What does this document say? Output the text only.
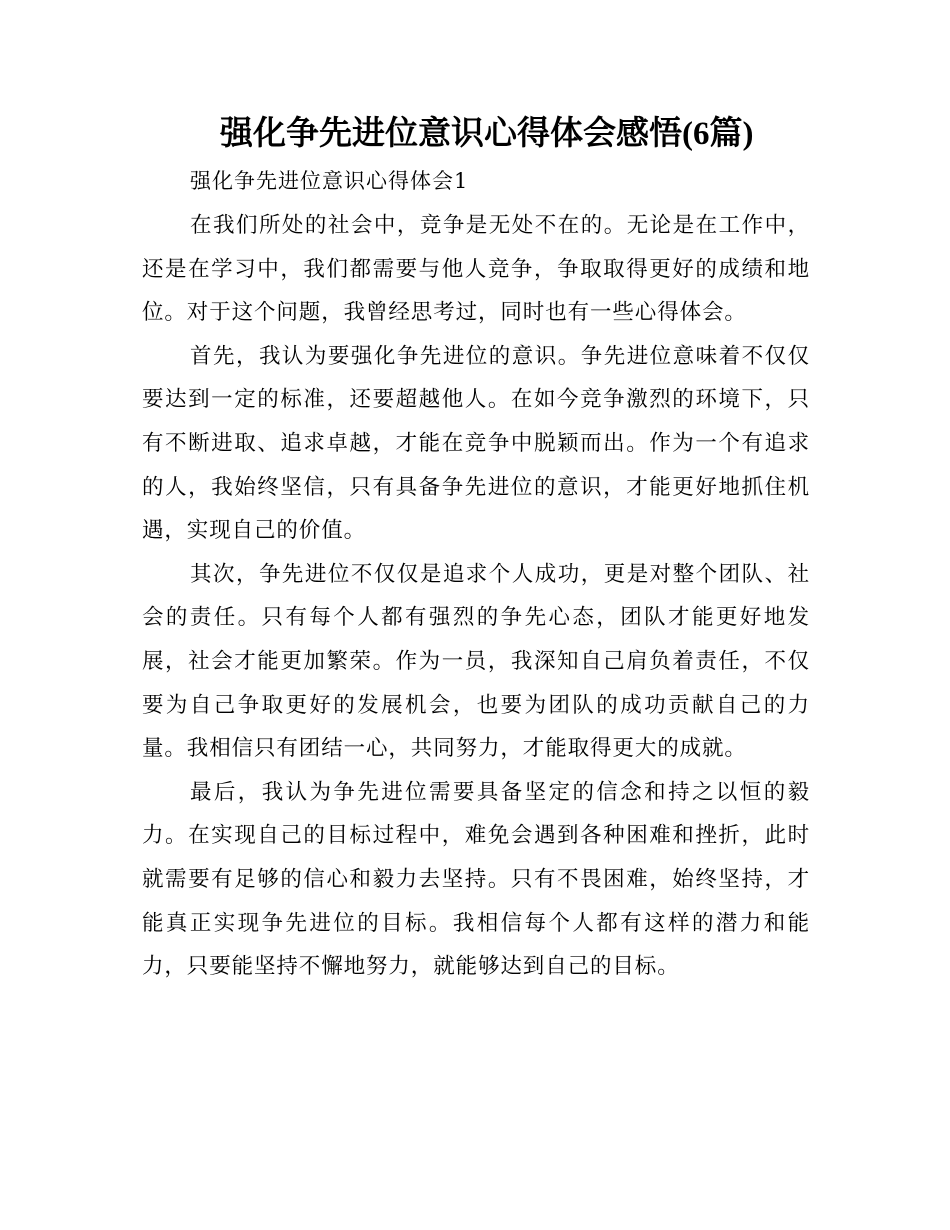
强化争先进位意识心得体会感悟(6篇)
强化争先进位意识心得体会1

在我们所处的社会中，竞争是无处不在的。无论是在工作中，还是在学习中，我们都需要与他人竞争，争取取得更好的成绩和地位。对于这个问题，我曾经思考过，同时也有一些心得体会。

首先，我认为要强化争先进位的意识。争先进位意味着不仅仅要达到一定的标准，还要超越他人。在如今竞争激烈的环境下，只有不断进取、追求卓越，才能在竞争中脱颖而出。作为一个有追求的人，我始终坚信，只有具备争先进位的意识，才能更好地抓住机遇，实现自己的价值。

其次，争先进位不仅仅是追求个人成功，更是对整个团队、社会的责任。只有每个人都有强烈的争先心态，团队才能更好地发展，社会才能更加繁荣。作为一员，我深知自己肩负着责任，不仅要为自己争取更好的发展机会，也要为团队的成功贡献自己的力量。我相信只有团结一心，共同努力，才能取得更大的成就。

最后，我认为争先进位需要具备坚定的信念和持之以恒的毅力。在实现自己的目标过程中，难免会遇到各种困难和挫折，此时就需要有足够的信心和毅力去坚持。只有不畏困难，始终坚持，才能真正实现争先进位的目标。我相信每个人都有这样的潜力和能力，只要能坚持不懈地努力，就能够达到自己的目标。
